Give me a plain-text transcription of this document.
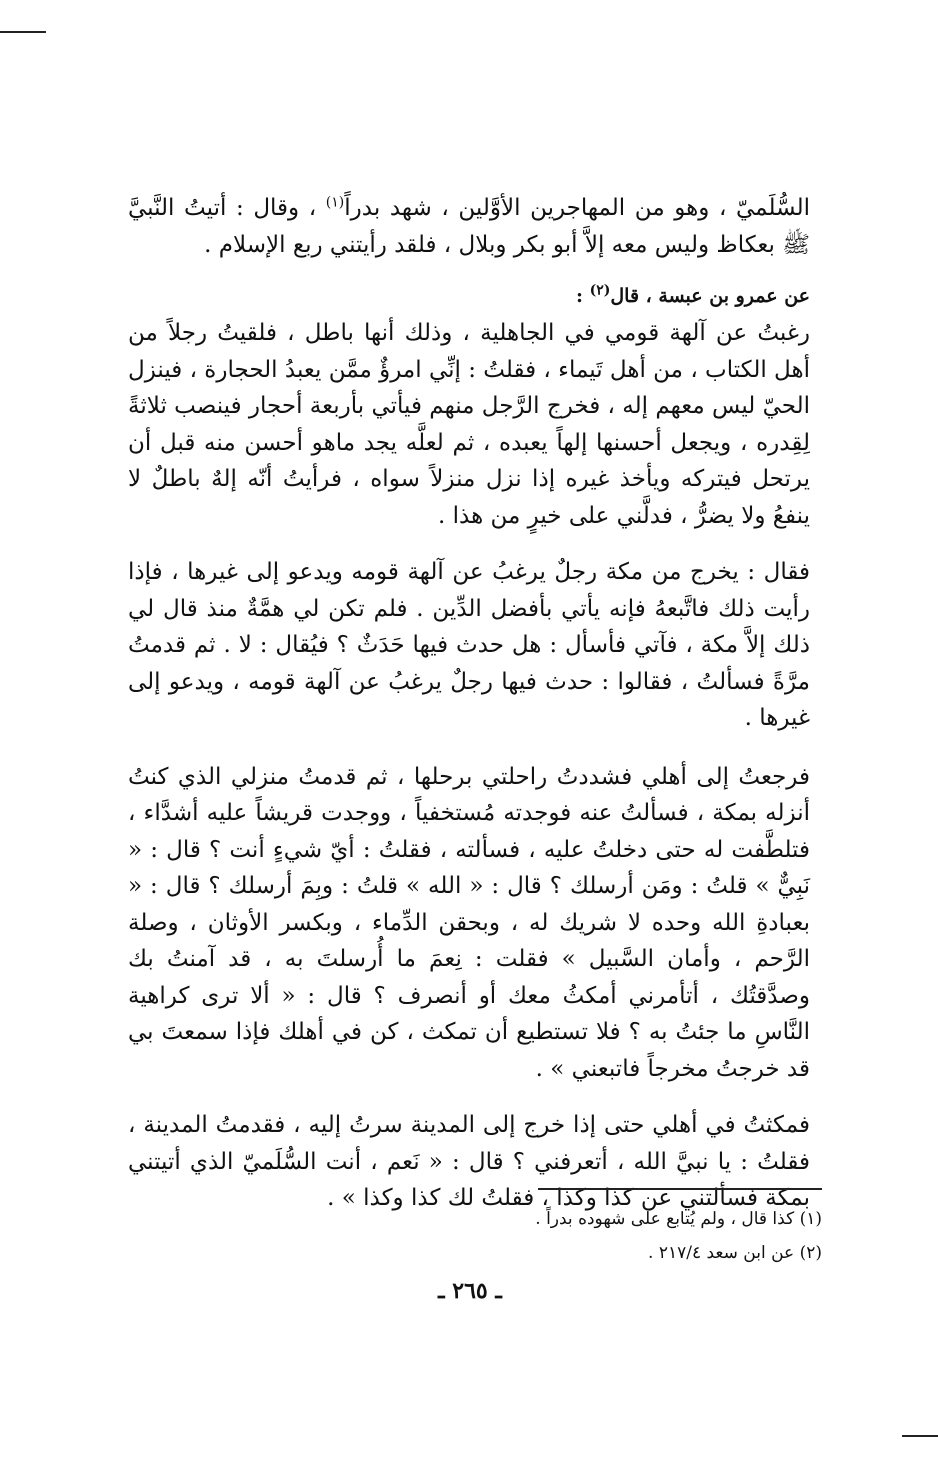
السُّلَميّ ، وهو من المهاجرين الأوَّلين ، شهد بدراً$^{(١)}$ ، وقال : أتيتُ النَّبيَّ ﷺ بعكاظ وليس معه إلاَّ أبو بكر وبلال ، فلقد رأيتني ربع الإسلام .

عن عمرو بن عبسة ، قال$^{(٢)}$ :

رغبتُ عن آلهة قومي في الجاهلية ، وذلك أنها باطل ، فلقيتُ رجلاً من أهل الكتاب ، من أهل تَيماء ، فقلتُ : إنِّي امرؤٌ ممَّن يعبدُ الحجارة ، فينزل الحيّ ليس معهم إله ، فخرج الرَّجل منهم فيأتي بأربعة أحجار فينصب ثلاثةً لِقِدره ، ويجعل أحسنها إلهاً يعبده ، ثم لعلَّه يجد ماهو أحسن منه قبل أن يرتحل فيتركه ويأخذ غيره إذا نزل منزلاً سواه ، فرأيتُ أنّه إلهٌ باطلٌ لا ينفعُ ولا يضرُّ ، فدلَّني على خيرٍ من هذا .

فقال : يخرج من مكة رجلٌ يرغبُ عن آلهة قومه ويدعو إلى غيرها ، فإذا رأيت ذلك فاتَّبعهُ فإنه يأتي بأفضل الدِّين . فلم تكن لي همَّةٌ منذ قال لي ذلك إلاَّ مكة ، فآتي فأسأل : هل حدث فيها حَدَثٌ ؟ فيُقال : لا . ثم قدمتُ مرَّةً فسألتُ ، فقالوا : حدث فيها رجلٌ يرغبُ عن آلهة قومه ، ويدعو إلى غيرها .

فرجعتُ إلى أهلي فشددتُ راحلتي برحلها ، ثم قدمتُ منزلي الذي كنتُ أنزله بمكة ، فسألتُ عنه فوجدته مُستخفياً ، ووجدت قريشاً عليه أشدَّاء ، فتلطَّفت له حتى دخلتُ عليه ، فسألته ، فقلتُ : أيّ شيءٍ أنت ؟ قال : « نَبِيٌّ » قلتُ : ومَن أرسلك ؟ قال : « الله » قلتُ : وبِمَ أرسلك ؟ قال : « بعبادةِ الله وحده لا شريك له ، وبحقن الدِّماء ، وبكسر الأوثان ، وصلة الرَّحم ، وأمان السَّبيل » فقلت : نِعمَ ما أُرسلتَ به ، قد آمنتُ بك وصدَّقتُك ، أتأمرني أمكثُ معك أو أنصرف ؟ قال : « ألا ترى كراهية النَّاسِ ما جئتُ به ؟ فلا تستطيع أن تمكث ، كن في أهلك فإذا سمعتَ بي قد خرجتُ مخرجاً فاتبعني » .

فمكثتُ في أهلي حتى إذا خرج إلى المدينة سرتُ إليه ، فقدمتُ المدينة ، فقلتُ : يا نبيَّ الله ، أتعرفني ؟ قال : « نَعم ، أنت السُّلَميّ الذي أتيتني بمكة فسألتني عن كذا وكذا ، فقلتُ لك كذا وكذا » .

(١) كذا قال ، ولم يُتابع على شهوده بدراً .

(٢) عن ابن سعد ٢١٧/٤ .

ـ ٢٦٥ ـ
